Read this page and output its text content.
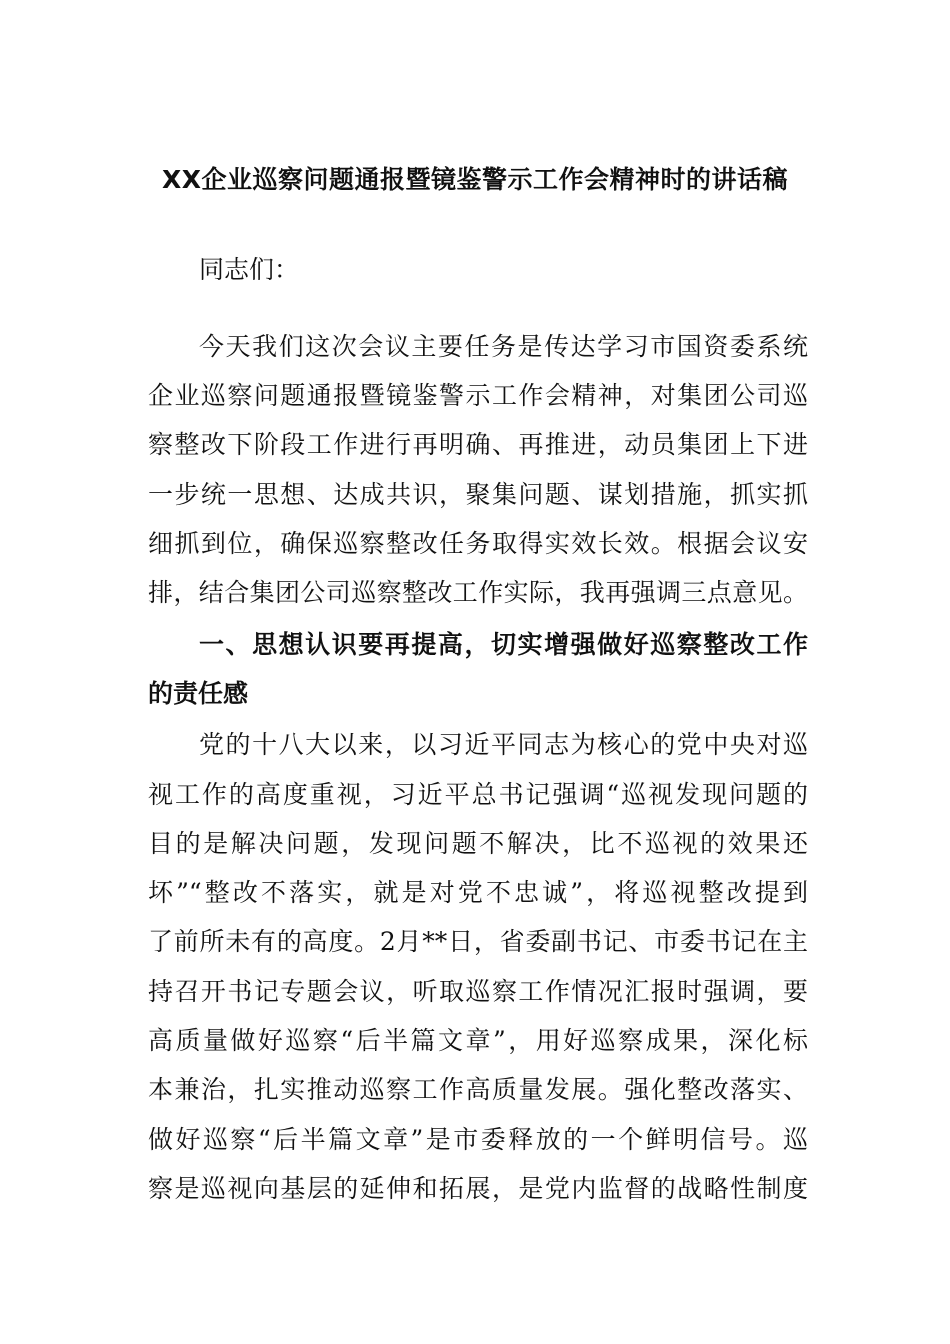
XX企业巡察问题通报暨镜鉴警示工作会精神时的讲话稿
同志们：
今天我们这次会议主要任务是传达学习市国资委系统
企业巡察问题通报暨镜鉴警示工作会精神，对集团公司巡
察整改下阶段工作进行再明确、再推进，动员集团上下进
一步统一思想、达成共识，聚集问题、谋划措施，抓实抓
细抓到位，确保巡察整改任务取得实效长效。根据会议安
排，结合集团公司巡察整改工作实际，我再强调三点意见。
一、思想认识要再提高，切实增强做好巡察整改工作
的责任感
党的十八大以来，以习近平同志为核心的党中央对巡
视工作的高度重视，习近平总书记强调“巡视发现问题的
目的是解决问题，发现问题不解决，比不巡视的效果还
坏”“整改不落实，就是对党不忠诚”，将巡视整改提到
了前所未有的高度。2月**日，省委副书记、市委书记在主
持召开书记专题会议，听取巡察工作情况汇报时强调，要
高质量做好巡察“后半篇文章”，用好巡察成果，深化标
本兼治，扎实推动巡察工作高质量发展。强化整改落实、
做好巡察“后半篇文章”是市委释放的一个鲜明信号。巡
察是巡视向基层的延伸和拓展，是党内监督的战略性制度
